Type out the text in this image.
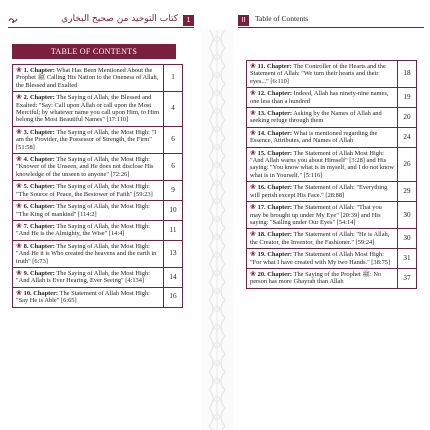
كتاب التوحيد من صحيح البخاري	1	II	Table of Contents
TABLE OF CONTENTS
❀ 1. Chapter: What Has Been Mentioned About the Prophet ﷺ Calling His Nation to the Oneness of Allah, the Blessed and Exalted	1
❀ 2. Chapter: The Saying of Allah, the Blessed and Exalted: "Say: Call upon Allah or call upon the Most Merciful; by whatever name you call upon Him, to Him belong the Most Beautiful Names" [17:110]	4
❀ 3. Chapter: The Saying of Allah, the Most High: "I am the Provider, the Possessor of Strength, the Firm" [51:58]	6
❀ 4. Chapter: The Saying of Allah, the Most High: "Knower of the Unseen, and He does not disclose His knowledge of the unseen to anyone" [72:26]	6
❀ 5. Chapter: The Saying of Allah, the Most High: "The Source of Peace, the Bestower of Faith" [59:23]	9
❀ 6. Chapter: The Saying of Allah, the Most High: "The King of mankind" [114:2]	10
❀ 7. Chapter: The Saying of Allah, the Most High: "And He is the Almighty, the Wise" [14:4]	11
❀ 8. Chapter: The Saying of Allah, the Most High: "And He it is Who created the heavens and the earth in truth" [6:73]	13
❀ 9. Chapter: The Saying of Allah, the Most High: "And Allah is Ever Hearing, Ever Seeing" [4:134]	14
❀ 10. Chapter: The Statement of Allah Most High: "Say He is Able" [6:65]	16
❀ 11. Chapter: The Controller of the Hearts and the Statement of Allah: "We turn their hearts and their eyes..." [6:110]	18
❀ 12. Chapter: Indeed, Allah has ninety-nine names, one less than a hundred	19
❀ 13. Chapter: Asking by the Names of Allah and seeking refuge through them	20
❀ 14. Chapter: What is mentioned regarding the Essence, Attributes, and Names of Allah	24
❀ 15. Chapter: The Statement of Allah Most High: "And Allah warns you about Himself" [3:28] and His saying: "You know what is in myself, and I do not know what is in Yourself." [5:116]	26
❀ 16. Chapter: The Statement of Allah: "Everything will perish except His Face." [28:88]	29
❀ 17. Chapter: The Statement of Allah: "That you may be brought up under My Eye" [20:39] and His saying: "Sailing under Our Eyes" [54:14]	30
❀ 18. Chapter: The Statement of Allah: "He is Allah, the Creator, the Inventor, the Fashioner." [59:24]	30
❀ 19. Chapter: The Statement of Allah Most High: "For what I have created with My two Hands." [38:75]	31
❀ 20. Chapter: The Saying of the Prophet ﷺ: No person has more Ghayrah than Allah	37
